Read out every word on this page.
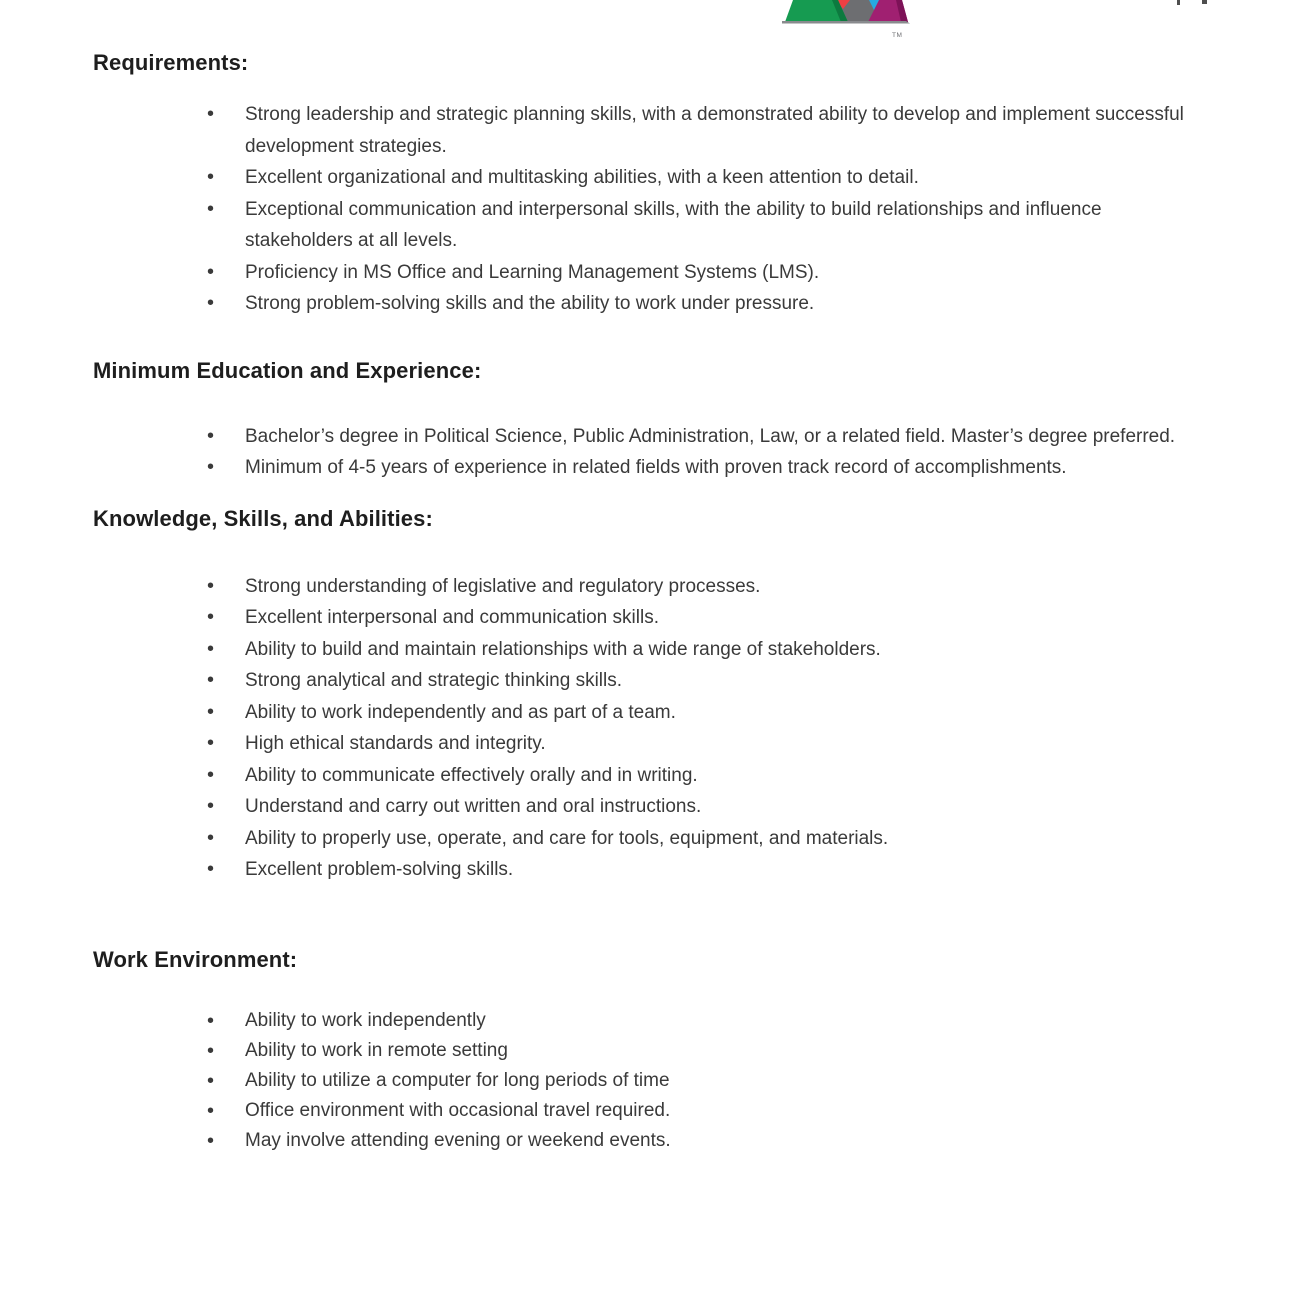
TM
Requirements:
• Strong leadership and strategic planning skills, with a demonstrated ability to develop and implement successful development strategies.
• Excellent organizational and multitasking abilities, with a keen attention to detail.
• Exceptional communication and interpersonal skills, with the ability to build relationships and influence stakeholders at all levels.
• Proficiency in MS Office and Learning Management Systems (LMS).
• Strong problem-solving skills and the ability to work under pressure.
Minimum Education and Experience:
• Bachelor’s degree in Political Science, Public Administration, Law, or a related field. Master’s degree preferred.
• Minimum of 4-5 years of experience in related fields with proven track record of accomplishments.
Knowledge, Skills, and Abilities:
• Strong understanding of legislative and regulatory processes.
• Excellent interpersonal and communication skills.
• Ability to build and maintain relationships with a wide range of stakeholders.
• Strong analytical and strategic thinking skills.
• Ability to work independently and as part of a team.
• High ethical standards and integrity.
• Ability to communicate effectively orally and in writing.
• Understand and carry out written and oral instructions.
• Ability to properly use, operate, and care for tools, equipment, and materials.
• Excellent problem-solving skills.
Work Environment:
• Ability to work independently
• Ability to work in remote setting
• Ability to utilize a computer for long periods of time
• Office environment with occasional travel required.
• May involve attending evening or weekend events.
